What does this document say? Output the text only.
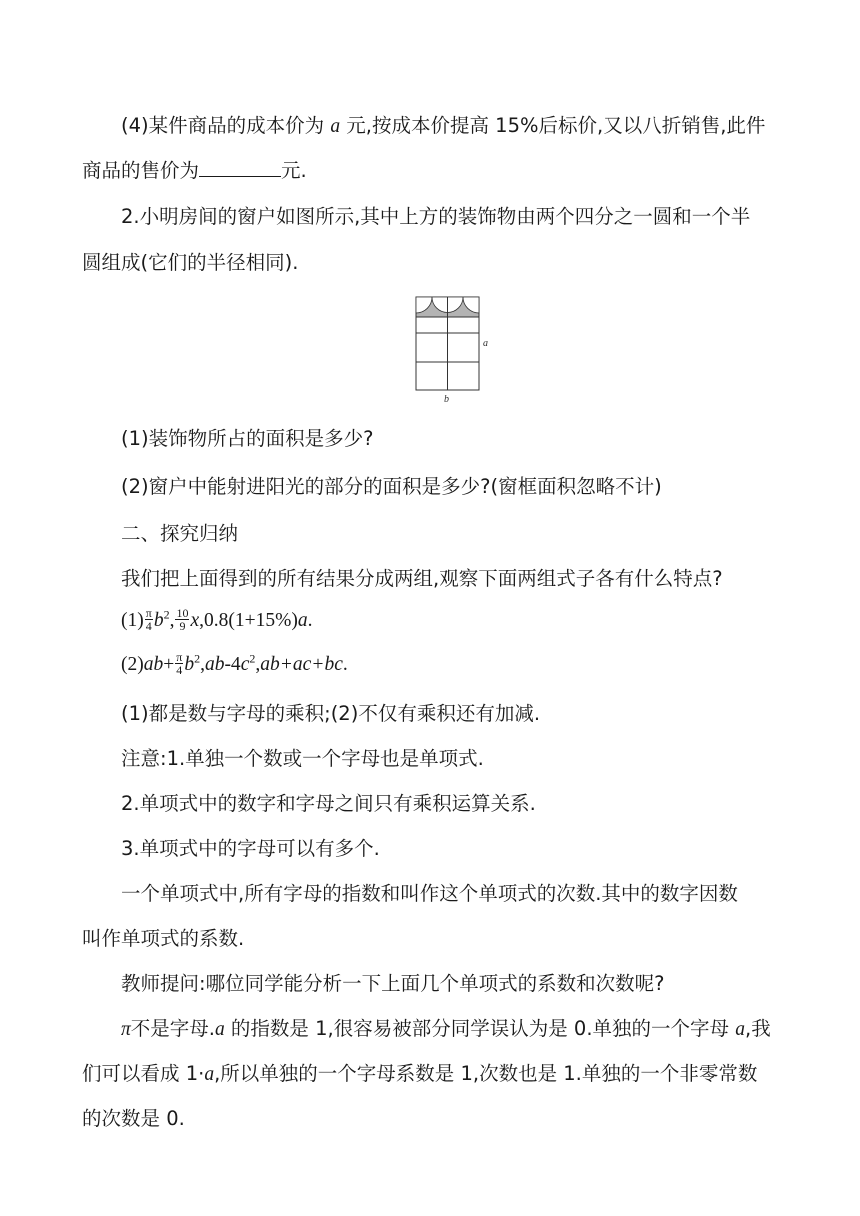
(4)某件商品的成本价为 a 元,按成本价提高 15%后标价,又以八折销售,此件
商品的售价为	元.
2.小明房间的窗户如图所示,其中上方的装饰物由两个四分之一圆和一个半
圆组成(它们的半径相同).
a
b
(1)装饰物所占的面积是多少?
(2)窗户中能射进阳光的部分的面积是多少?(窗框面积忽略不计)
二、探究归纳
我们把上面得到的所有结果分成两组,观察下面两组式子各有什么特点?
$(1) \frac{\pi}{4} b^2$, $\frac{10}{9} x,0.8(1+15\%)a$.
$(2)ab+ \frac{\pi}{4} b^2,ab-4c^2,ab+ac+bc$.
(1)都是数与字母的乘积;(2)不仅有乘积还有加减.
注意:1.单独一个数或一个字母也是单项式.
2.单项式中的数字和字母之间只有乘积运算关系.
3.单项式中的字母可以有多个.
一个单项式中,所有字母的指数和叫作这个单项式的次数.其中的数字因数
叫作单项式的系数.
教师提问:哪位同学能分析一下上面几个单项式的系数和次数呢?
π不是字母.a 的指数是 1,很容易被部分同学误认为是 0.单独的一个字母 a,我
们可以看成 1·a,所以单独的一个字母系数是 1,次数也是 1.单独的一个非零常数
的次数是 0.
